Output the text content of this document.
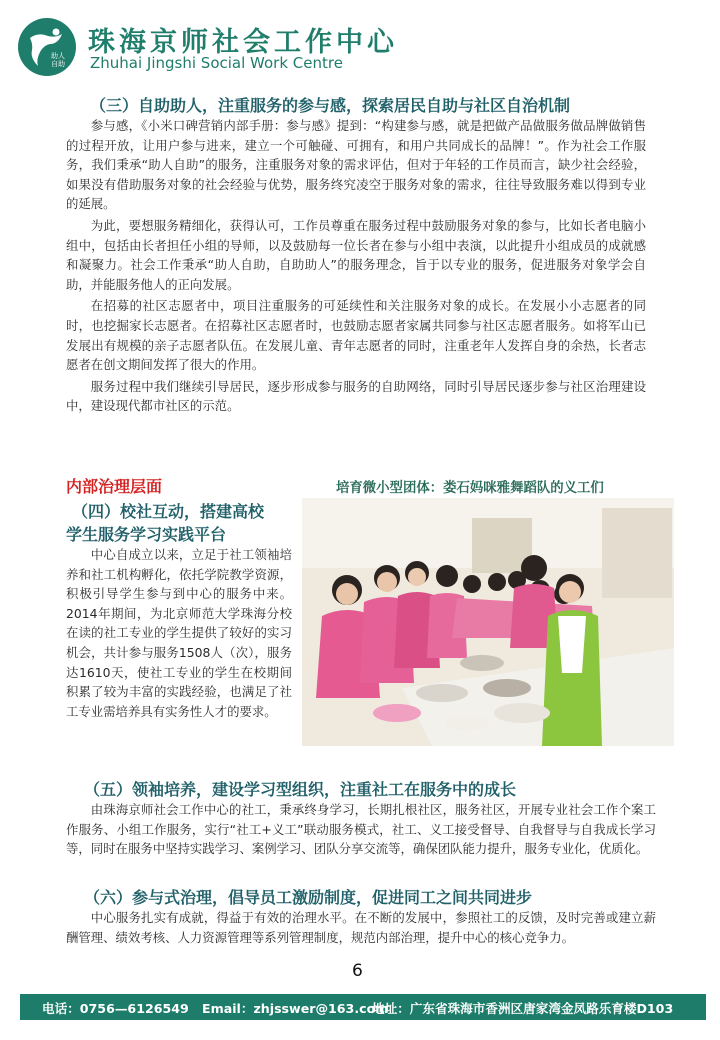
助人自助
珠海京师社会工作中心
Zhuhai Jingshi Social Work Centre
（三）自助助人，注重服务的参与感，探索居民自助与社区自治机制

参与感，《小米口碑营销内部手册：参与感》提到：“构建参与感，就是把做产品做服务做品牌做销售的过程开放，让用户参与进来，建立一个可触碰、可拥有，和用户共同成长的品牌！”。作为社会工作服务，我们秉承“助人自助”的服务，注重服务对象的需求评估，但对于年轻的工作员而言，缺少社会经验，如果没有借助服务对象的社会经验与优势，服务终究凌空于服务对象的需求，往往导致服务难以得到专业的延展。

为此，要想服务精细化，获得认可，工作员尊重在服务过程中鼓励服务对象的参与，比如长者电脑小组中，包括由长者担任小组的导师，以及鼓励每一位长者在参与小组中表演，以此提升小组成员的成就感和凝聚力。社会工作秉承“助人自助，自助助人”的服务理念，旨于以专业的服务，促进服务对象学会自助，并能服务他人的正向发展。

在招募的社区志愿者中，项目注重服务的可延续性和关注服务对象的成长。在发展小小志愿者的同时，也挖掘家长志愿者。在招募社区志愿者时，也鼓励志愿者家属共同参与社区志愿者服务。如将军山已发展出有规模的亲子志愿者队伍。在发展儿童、青年志愿者的同时，注重老年人发挥自身的余热，长者志愿者在创文期间发挥了很大的作用。

服务过程中我们继续引导居民，逐步形成参与服务的自助网络，同时引导居民逐步参与社区治理建设中，建设现代都市社区的示范。

内部治理层面	培育微小型团体：娄石妈咪雅舞蹈队的义工们
（四）校社互动，搭建高校
学生服务学习实践平台

中心自成立以来，立足于社工领袖培养和社工机构孵化，依托学院教学资源，积极引导学生参与到中心的服务中来。2014年期间，为北京师范大学珠海分校在读的社工专业的学生提供了较好的实习机会，共计参与服务1508人（次），服务达1610天，使社工专业的学生在校期间积累了较为丰富的实践经验，也满足了社工专业需培养具有实务性人才的要求。

（五）领袖培养，建设学习型组织，注重社工在服务中的成长

由珠海京师社会工作中心的社工，秉承终身学习，长期扎根社区，服务社区，开展专业社会工作个案工作服务、小组工作服务，实行“社工+义工”联动服务模式，社工、义工接受督导、自我督导与自我成长学习等，同时在服务中坚持实践学习、案例学习、团队分享交流等，确保团队能力提升，服务专业化，优质化。

（六）参与式治理，倡导员工激励制度，促进同工之间共同进步

中心服务扎实有成就，得益于有效的治理水平。在不断的发展中，参照社工的反馈，及时完善或建立薪酬管理、绩效考核、人力资源管理等系列管理制度，规范内部治理，提升中心的核心竞争力。

6
电话：0756—6126549 Email：zhjsswer@163.com
地址：广东省珠海市香洲区唐家湾金凤路乐育楼D103
